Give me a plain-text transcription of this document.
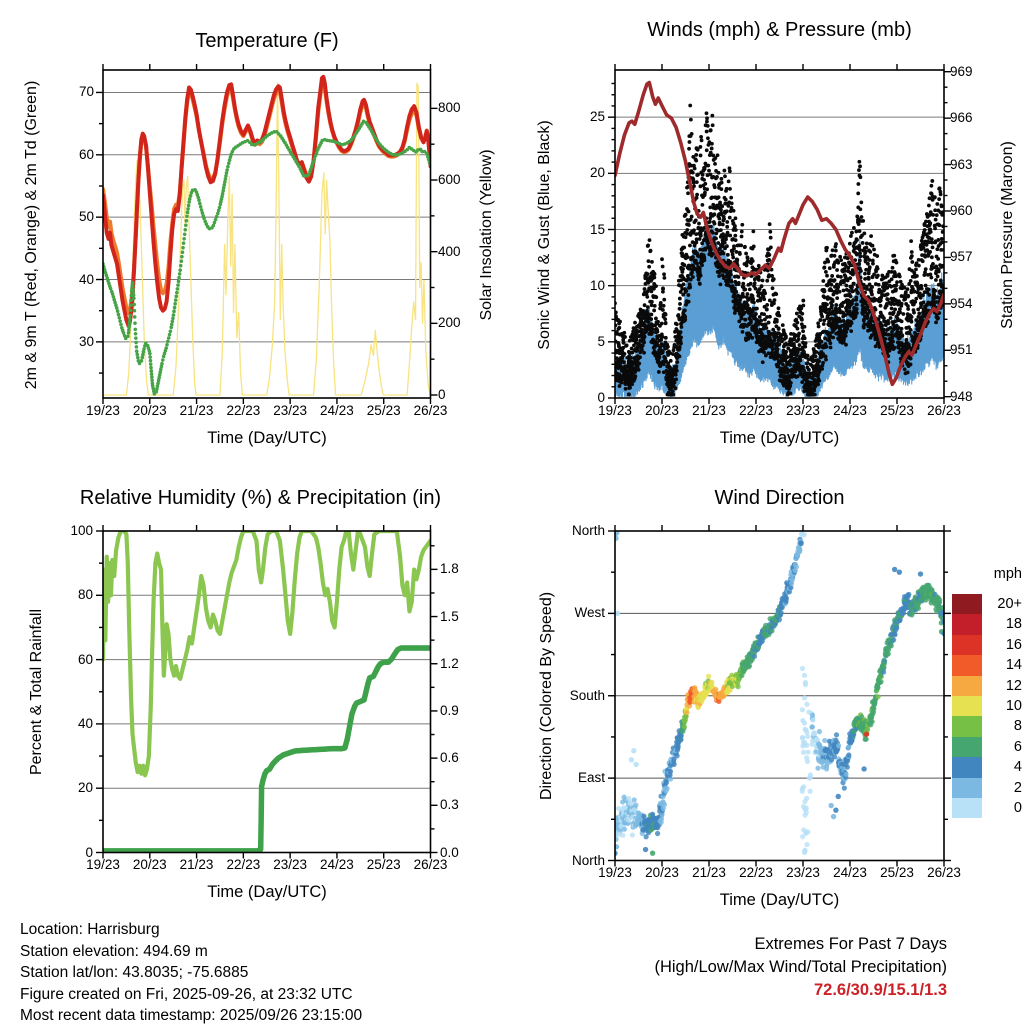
Temperature (F)	Winds (mph) & Pressure (mb)
Relative Humidity (%) & Precipitation (in)	Wind Direction
2m & 9m T (Red, Orange) & 2m Td (Green)	Solar Insolation (Yellow)	Sonic Wind & Gust (Blue, Black)	Station Pressure (Maroon)
Percent & Total Rainfall	Direction (Colored By Speed)
Time (Day/UTC)	Time (Day/UTC)
Time (Day/UTC)	Time (Day/UTC)
19/23 20/23 21/23 22/23 23/23 24/23 25/23 26/23	19/23 20/23 21/23 22/23 23/23 24/23 25/23 26/23
19/23 20/23 21/23 22/23 23/23 24/23 25/23 26/23
19/23 20/23 21/23 22/23 23/23 24/23 25/23 26/23
30
40
50
60
70
0
200
400
600
800
0
5
10
15
20
25
948
951
954
957
960
963
966
969
0
20
40
60
80
100
0.0
0.3
0.6
0.9
1.2
1.5
1.8
North
West
South
East
North
mph
20+
18
16
14
12
10
8
6
4
2
0
Location: Harrisburg
Station elevation: 494.69 m
Station lat/lon: 43.8035; -75.6885
Figure created on Fri, 2025-09-26, at 23:32 UTC
Most recent data timestamp: 2025/09/26 23:15:00
Extremes For Past 7 Days
(High/Low/Max Wind/Total Precipitation)
72.6/30.9/15.1/1.3
